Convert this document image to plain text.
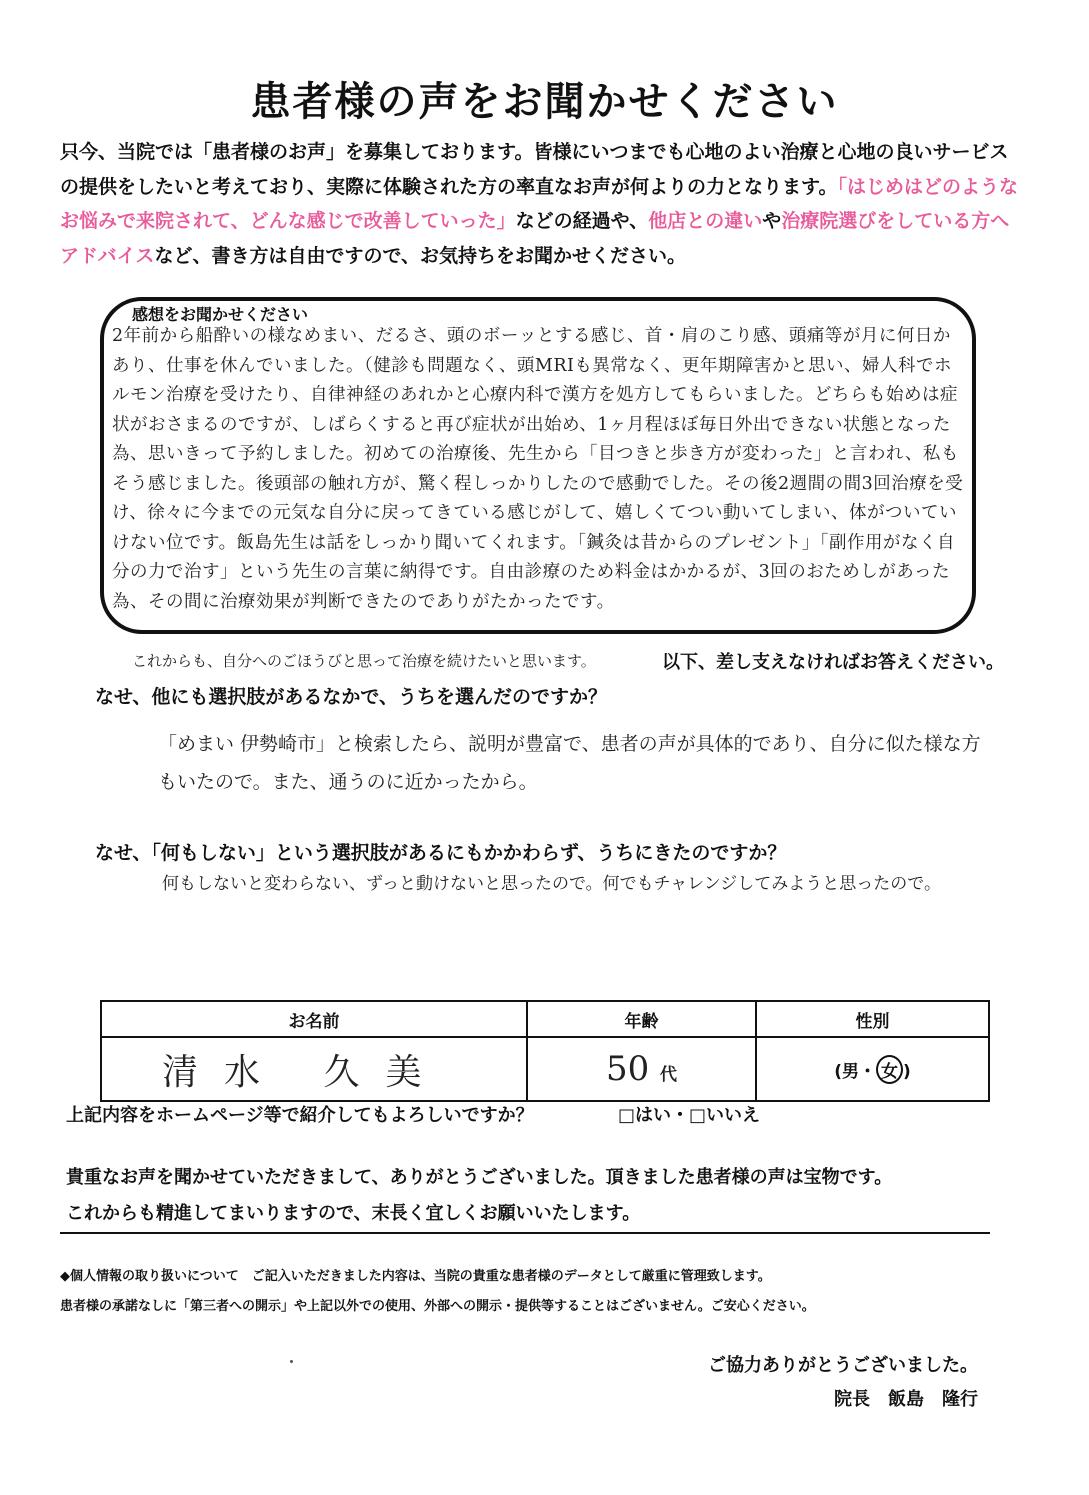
患者様の声をお聞かせください
只今、当院では「患者様のお声」を募集しております。皆様にいつまでも心地のよい治療と心地の良いサービスの提供をしたいと考えており、実際に体験された方の率直なお声が何よりの力となります。「はじめはどのようなお悩みで来院されて、どんな感じで改善していった」などの経過や、他店との違いや治療院選びをしている方へアドバイスなど、書き方は自由ですので、お気持ちをお聞かせください。
感想をお聞かせください
2年前から船酔いの様なめまい、だるさ、頭のボーッとする感じ、首・肩のこり感、頭痛等が月に何日かあり、仕事を休んでいました。（健診も問題なく、頭MRIも異常なく、更年期障害かと思い、婦人科でホルモン治療を受けたり、自律神経のあれかと心療内科で漢方を処方してもらいました。どちらも始めは症状がおさまるのですが、しばらくすると再び症状が出始め、1ヶ月程ほぼ毎日外出できない状態となった為、思いきって予約しました。初めての治療後、先生から「目つきと歩き方が変わった」と言われ、私もそう感じました。後頭部の触れ方が、驚く程しっかりしたので感動でした。その後2週間の間3回治療を受け、徐々に今までの元気な自分に戻ってきている感じがして、嬉しくてつい動いてしまい、体がついていけない位です。飯島先生は話をしっかり聞いてくれます。「鍼灸は昔からのプレゼント」「副作用がなく自分の力で治す」という先生の言葉に納得です。自由診療のため料金はかかるが、3回のおためしがあった為、その間に治療効果が判断できたのでありがたかったです。
これからも、自分へのごほうびと思って治療を続けたいと思います。	以下、差し支えなければお答えください。
なせ、他にも選択肢があるなかで、うちを選んだのですか？
「めまい 伊勢崎市」と検索したら、説明が豊富で、患者の声が具体的であり、自分に似た様な方もいたので。また、通うのに近かったから。
なせ、「何もしない」という選択肢があるにもかかわらず、うちにきたのですか？
何もしないと変わらない、ずっと動けないと思ったので。何でもチャレンジしてみようと思ったので。
お名前	年齢	性別
清水 久美	50 代	(男・ 女 )
上記内容をホームページ等で紹介してもよろしいですか？	□はい・□いいえ
貴重なお声を聞かせていただきまして、ありがとうございました。頂きました患者様の声は宝物です。
これからも精進してまいりますので、末長く宜しくお願いいたします。
◆個人情報の取り扱いについて　ご記入いただきました内容は、当院の貴重な患者様のデータとして厳重に管理致します。
患者様の承諾なしに「第三者への開示」や上記以外での使用、外部への開示・提供等することはございません。ご安心ください。
ご協力ありがとうございました。
院長　飯島　隆行
